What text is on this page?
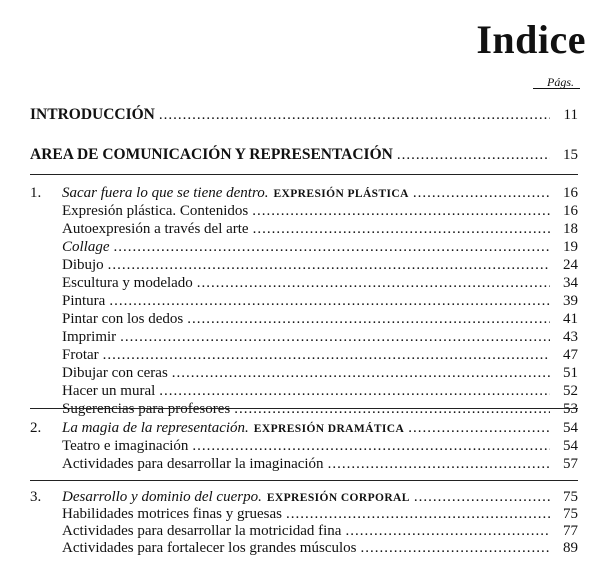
Indice
Págs.
INTRODUCCIÓN .....	11
AREA DE COMUNICACIÓN Y REPRESENTACIÓN .....	15
1.	Sacar fuera lo que se tiene dentro. EXPRESIÓN PLÁSTICA .....	16
Expresión plástica. Contenidos .....	16
Autoexpresión a través del arte .....	18
Collage .....	19
Dibujo .....	24
Escultura y modelado .....	34
Pintura .....	39
Pintar con los dedos .....	41
Imprimir .....	43
Frotar .....	47
Dibujar con ceras .....	51
Hacer un mural .....	52
Sugerencias para profesores .....	53
2.	La magia de la representación. EXPRESIÓN DRAMÁTICA .....	54
Teatro e imaginación .....	54
Actividades para desarrollar la imaginación .....	57
3.	Desarrollo y dominio del cuerpo. EXPRESIÓN CORPORAL .....	75
Habilidades motrices finas y gruesas .....	75
Actividades para desarrollar la motricidad fina .....	77
Actividades para fortalecer los grandes músculos .....	89
